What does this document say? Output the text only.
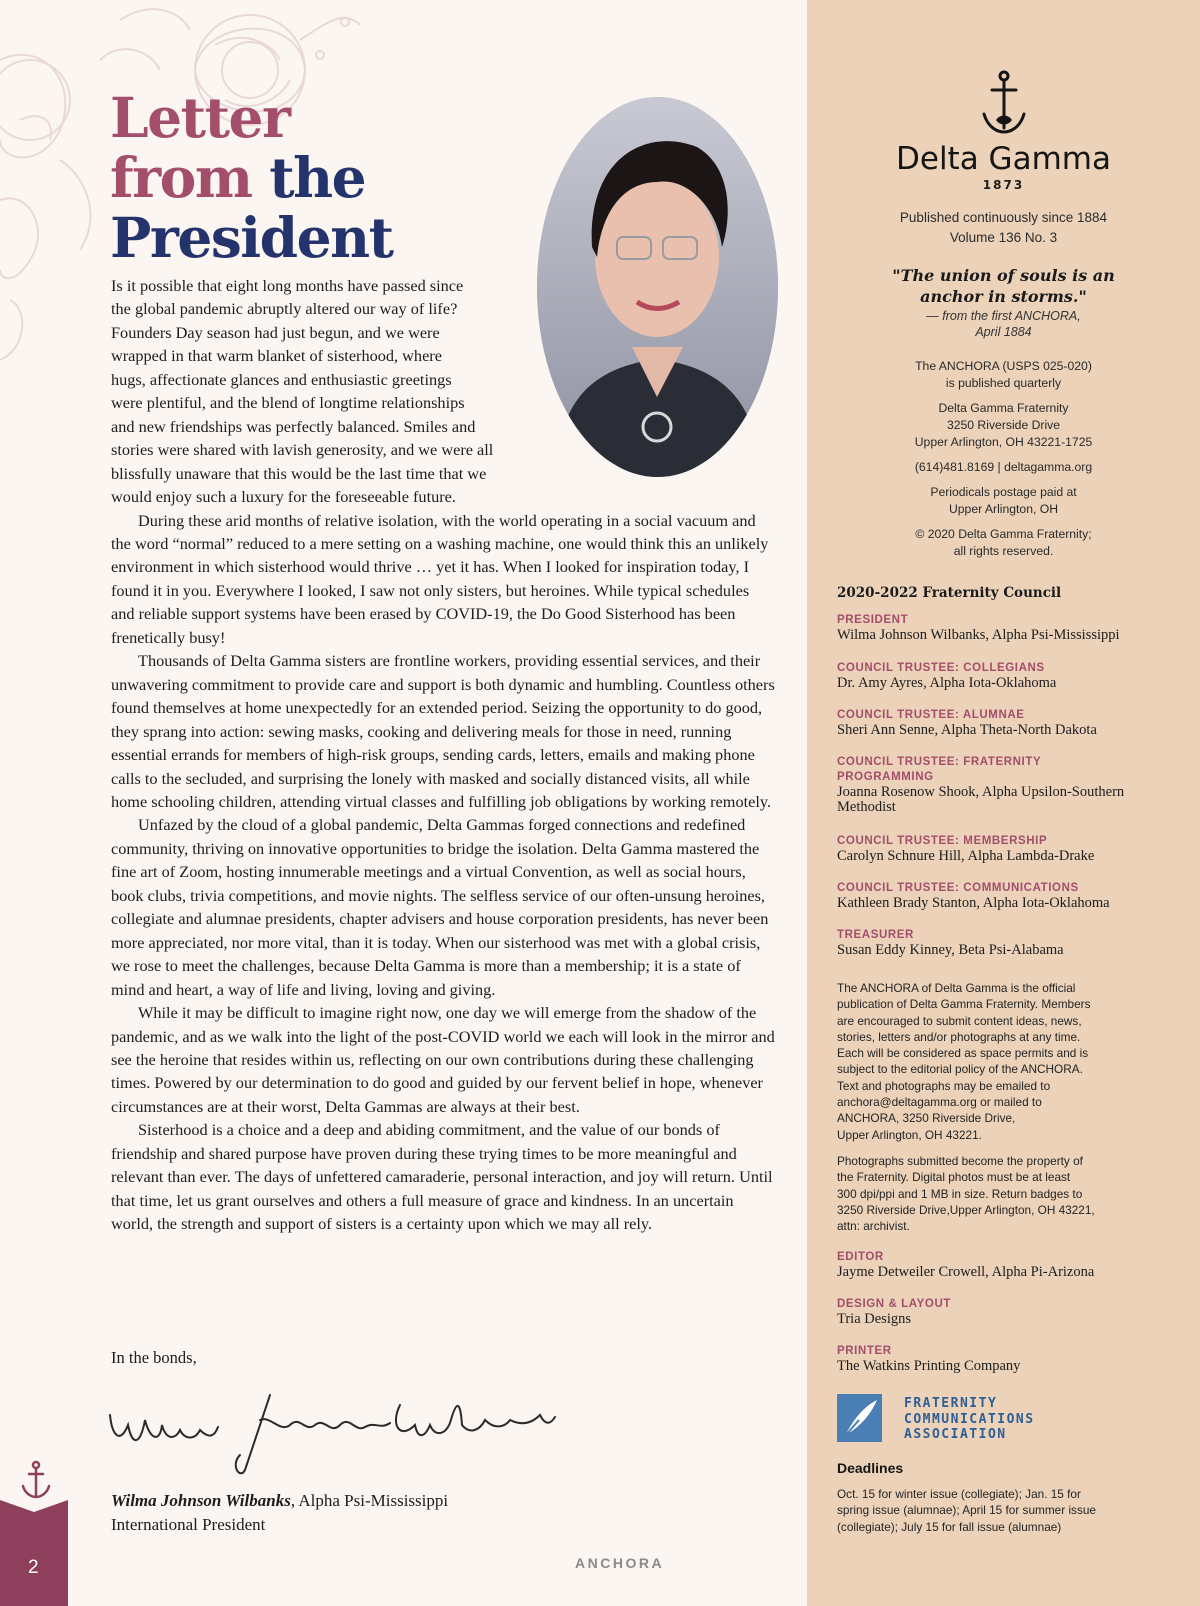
Letter
from the
President

Is it possible that eight long months have passed since
the global pandemic abruptly altered our way of life?
Founders Day season had just begun, and we were
wrapped in that warm blanket of sisterhood, where
hugs, affectionate glances and enthusiastic greetings
were plentiful, and the blend of longtime relationships
and new friendships was perfectly balanced. Smiles and
stories were shared with lavish generosity, and we were all
blissfully unaware that this would be the last time that we
would enjoy such a luxury for the foreseeable future.

During these arid months of relative isolation, with the world operating in a social vacuum and the word “normal” reduced to a mere setting on a washing machine, one would think this an unlikely environment in which sisterhood would thrive … yet it has. When I looked for inspiration today, I found it in you. Everywhere I looked, I saw not only sisters, but heroines. While typical schedules and reliable support systems have been erased by COVID-19, the Do Good Sisterhood has been frenetically busy!

Thousands of Delta Gamma sisters are frontline workers, providing essential services, and their unwavering commitment to provide care and support is both dynamic and humbling. Countless others found themselves at home unexpectedly for an extended period. Seizing the opportunity to do good, they sprang into action: sewing masks, cooking and delivering meals for those in need, running essential errands for members of high-risk groups, sending cards, letters, emails and making phone calls to the secluded, and surprising the lonely with masked and socially distanced visits, all while home schooling children, attending virtual classes and fulfilling job obligations by working remotely.

Unfazed by the cloud of a global pandemic, Delta Gammas forged connections and redefined community, thriving on innovative opportunities to bridge the isolation. Delta Gamma mastered the fine art of Zoom, hosting innumerable meetings and a virtual Convention, as well as social hours, book clubs, trivia competitions, and movie nights. The selfless service of our often-unsung heroines, collegiate and alumnae presidents, chapter advisers and house corporation presidents, has never been more appreciated, nor more vital, than it is today. When our sisterhood was met with a global crisis, we rose to meet the challenges, because Delta Gamma is more than a membership; it is a state of mind and heart, a way of life and living, loving and giving.

While it may be difficult to imagine right now, one day we will emerge from the shadow of the pandemic, and as we walk into the light of the post-COVID world we each will look in the mirror and see the heroine that resides within us, reflecting on our own contributions during these challenging times. Powered by our determination to do good and guided by our fervent belief in hope, whenever circumstances are at their worst, Delta Gammas are always at their best.

Sisterhood is a choice and a deep and abiding commitment, and the value of our bonds of friendship and shared purpose have proven during these trying times to be more meaningful and relevant than ever. The days of unfettered camaraderie, personal interaction, and joy will return. Until that time, let us grant ourselves and others a full measure of grace and kindness. In an uncertain world, the strength and support of sisters is a certainty upon which we may all rely.

In the bonds,
Wilma Johnson Wilbanks, Alpha Psi-Mississippi
International President
2	ANCHORA
Delta Gamma
1873
Published continuously since 1884
Volume 136 No. 3
"The union of souls is an
anchor in storms."
— from the first ANCHORA,
April 1884

The ANCHORA (USPS 025-020)
is published quarterly

Delta Gamma Fraternity
3250 Riverside Drive
Upper Arlington, OH 43221-1725

(614)481.8169 | deltagamma.org

Periodicals postage paid at
Upper Arlington, OH

© 2020 Delta Gamma Fraternity;
all rights reserved.

2020-2022 Fraternity Council
PRESIDENT
Wilma Johnson Wilbanks, Alpha Psi-Mississippi
COUNCIL TRUSTEE: COLLEGIANS
Dr. Amy Ayres, Alpha Iota-Oklahoma
COUNCIL TRUSTEE: ALUMNAE
Sheri Ann Senne, Alpha Theta-North Dakota
COUNCIL TRUSTEE: FRATERNITY PROGRAMMING
Joanna Rosenow Shook, Alpha Upsilon-Southern Methodist
COUNCIL TRUSTEE: MEMBERSHIP
Carolyn Schnure Hill, Alpha Lambda-Drake
COUNCIL TRUSTEE: COMMUNICATIONS
Kathleen Brady Stanton, Alpha Iota-Oklahoma
TREASURER
Susan Eddy Kinney, Beta Psi-Alabama

The ANCHORA of Delta Gamma is the official
publication of Delta Gamma Fraternity. Members
are encouraged to submit content ideas, news,
stories, letters and/or photographs at any time.
Each will be considered as space permits and is
subject to the editorial policy of the ANCHORA.
Text and photographs may be emailed to
anchora@deltagamma.org or mailed to
ANCHORA, 3250 Riverside Drive,
Upper Arlington, OH 43221.

Photographs submitted become the property of
the Fraternity. Digital photos must be at least
300 dpi/ppi and 1 MB in size. Return badges to
3250 Riverside Drive,Upper Arlington, OH 43221,
attn: archivist.

EDITOR
Jayme Detweiler Crowell, Alpha Pi-Arizona
DESIGN & LAYOUT
Tria Designs
PRINTER
The Watkins Printing Company
FRATERNITY
COMMUNICATIONS
ASSOCIATION
Deadlines

Oct. 15 for winter issue (collegiate); Jan. 15 for
spring issue (alumnae); April 15 for summer issue
(collegiate); July 15 for fall issue (alumnae)
